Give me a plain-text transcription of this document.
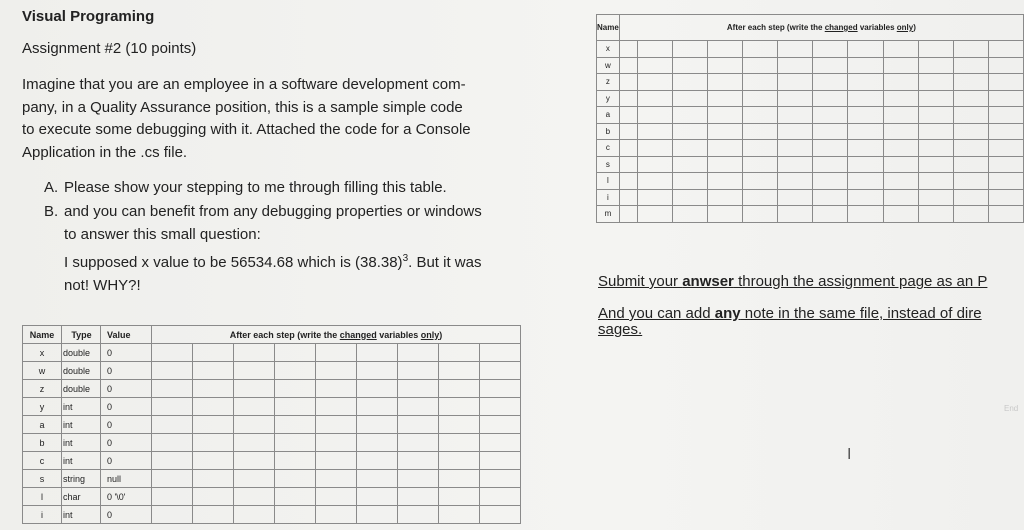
Visual Programing
Assignment #2 (10 points)
Imagine that you are an employee in a software development com-
pany, in a Quality Assurance position, this is a sample simple code
to execute some debugging with it. Attached the code for a Console
Application in the .cs file.
A. Please show your stepping to me through filling this table.
B. and you can benefit from any debugging properties or windows
to answer this small question:
I supposed x value to be 56534.68 which is $(38.38)^3$. But it was
not! WHY?!
Name	Type	Value	After each step (write the changed variables only)								
x	double	0									
w	double	0									
z	double	0									
y	int	0									
a	int	0									
b	int	0									
c	int	0									
s	string	null									
l	char	0 '\0'									
i	int	0									
Name	After each step (write the changed variables only)											
x												
w												
z												
y												
a												
b												
c												
s												
l												
i												
m												
Submit your anwser through the assignment page as an P
And you can add any note in the same file, instead of dire
sages.
End
I
